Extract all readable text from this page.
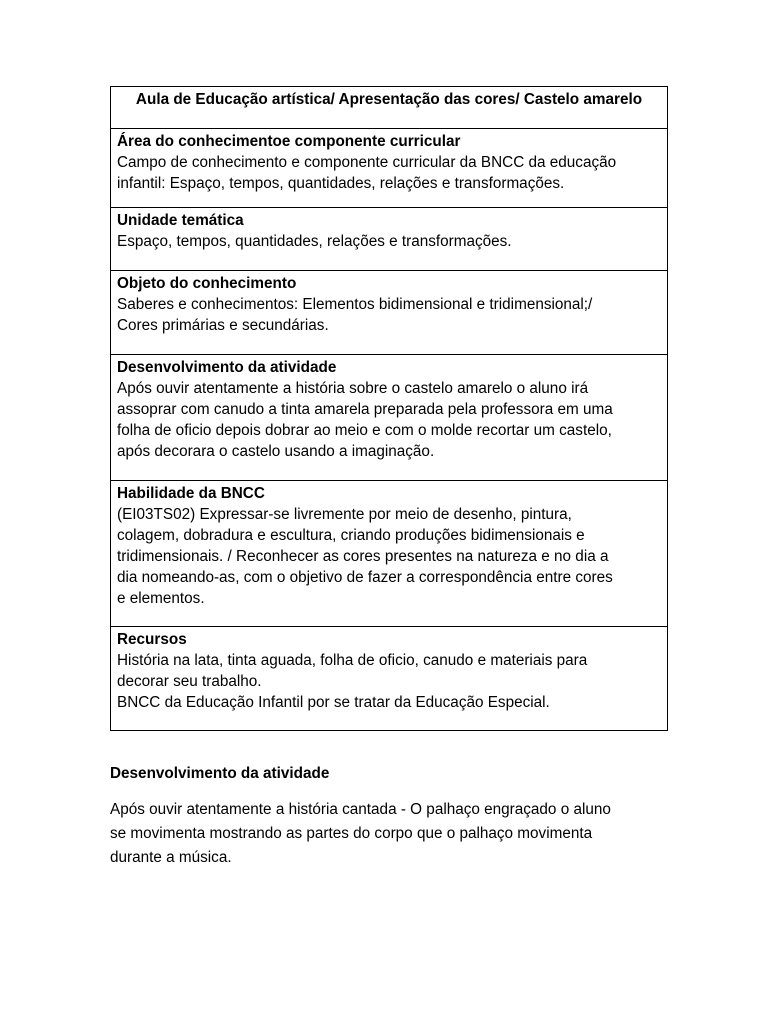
Aula de Educação artística/ Apresentação das cores/ Castelo amarelo

Área do conhecimentoe componente curricular
Campo de conhecimento e componente curricular da BNCC da educação
infantil: Espaço, tempos, quantidades, relações e transformações.

Unidade temática
Espaço, tempos, quantidades, relações e transformações.

Objeto do conhecimento
Saberes e conhecimentos: Elementos bidimensional e tridimensional;/
Cores primárias e secundárias.

Desenvolvimento da atividade
Após ouvir atentamente a história sobre o castelo amarelo o aluno irá
assoprar com canudo a tinta amarela preparada pela professora em uma
folha de oficio depois dobrar ao meio e com o molde recortar um castelo,
após decorara o castelo usando a imaginação.

Habilidade da BNCC
(EI03TS02) Expressar-se livremente por meio de desenho, pintura,
colagem, dobradura e escultura, criando produções bidimensionais e
tridimensionais. / Reconhecer as cores presentes na natureza e no dia a
dia nomeando-as, com o objetivo de fazer a correspondência entre cores
e elementos.

Recursos
História na lata, tinta aguada, folha de oficio, canudo e materiais para
decorar seu trabalho.
BNCC da Educação Infantil por se tratar da Educação Especial.
Desenvolvimento da atividade
Após ouvir atentamente a história cantada - O palhaço engraçado o aluno
se movimenta mostrando as partes do corpo que o palhaço movimenta
durante a música.
